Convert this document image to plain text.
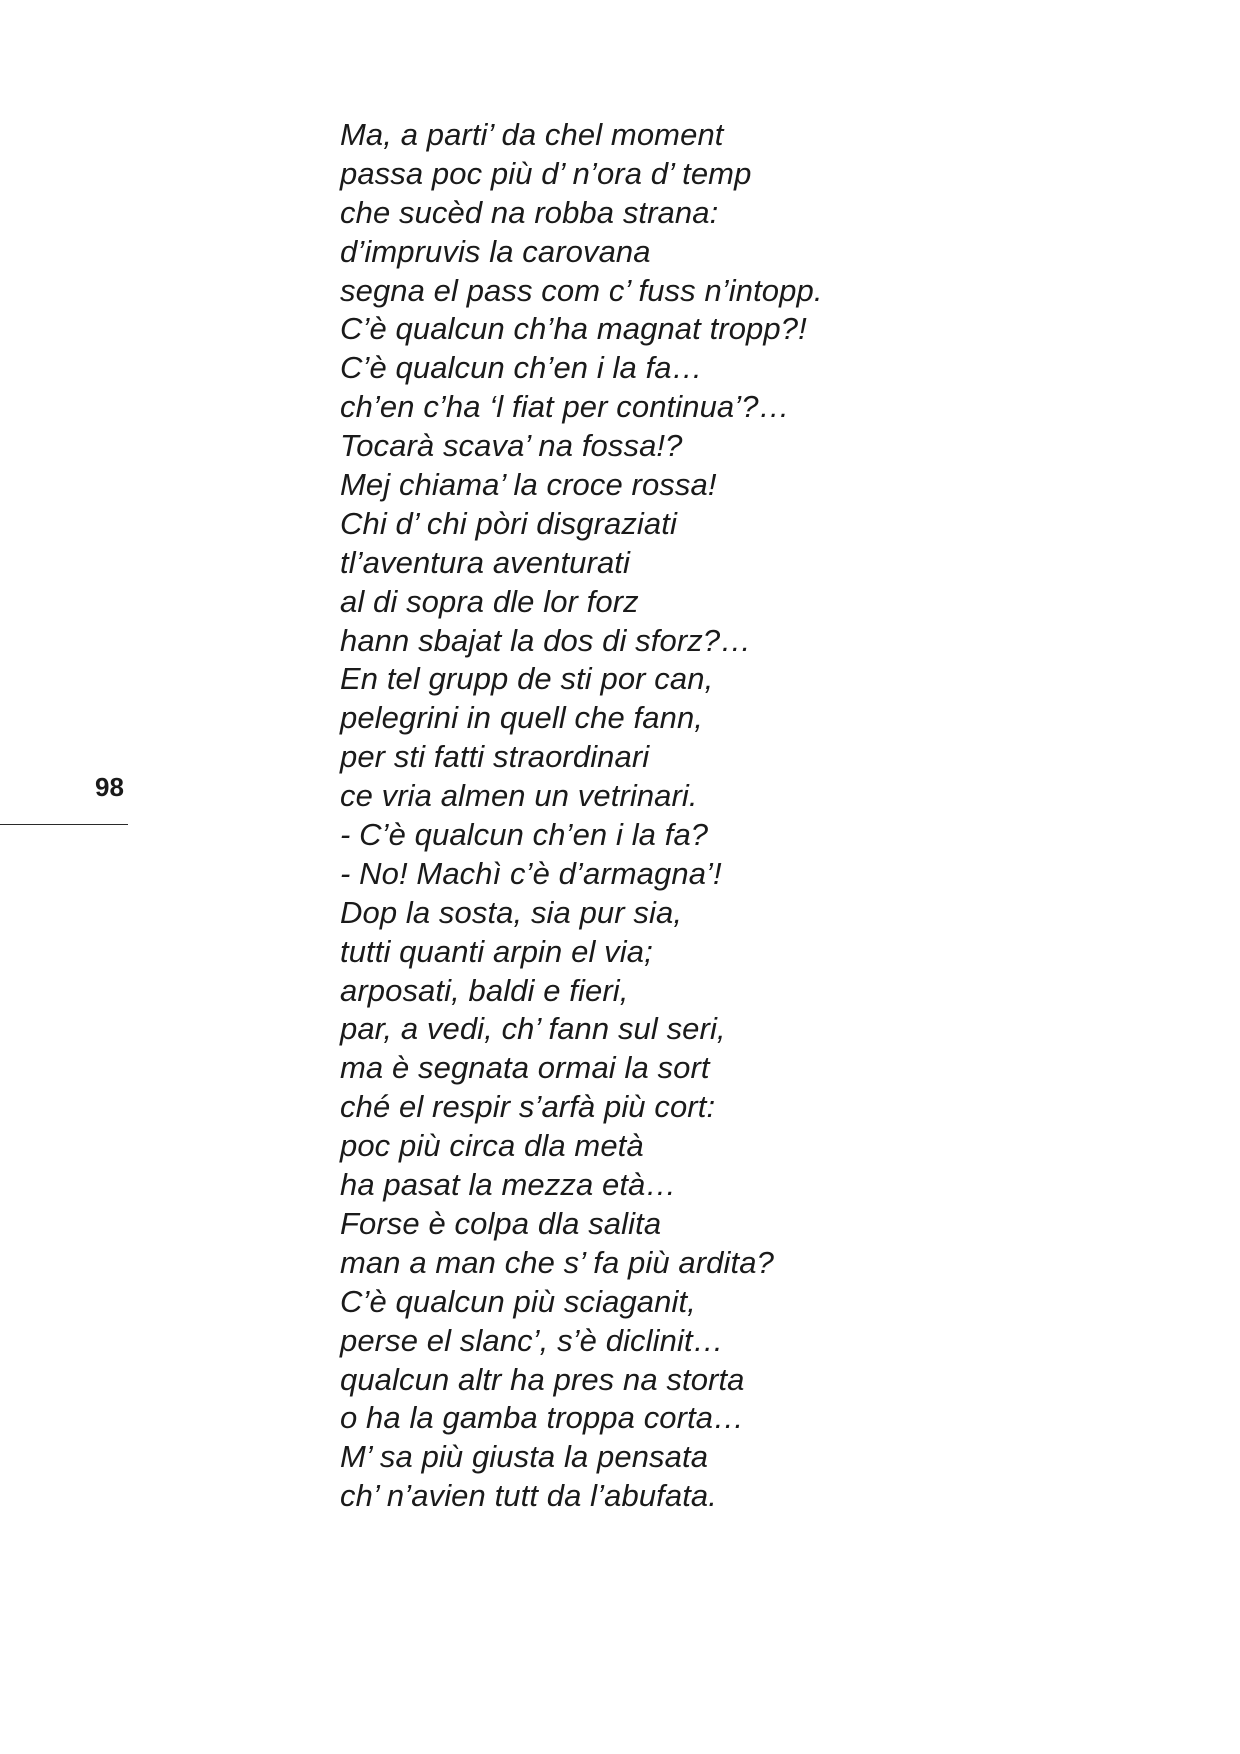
98
Ma, a parti’ da chel moment
passa poc più d’ n’ora d’ temp
che sucèd na robba strana:
d’impruvis la carovana
segna el pass com c’ fuss n’intopp.
C’è qualcun ch’ha magnat tropp?!
C’è qualcun ch’en i la fa…
ch’en c’ha ‘l fiat per continua’?…
Tocarà scava’ na fossa!?
Mej chiama’ la croce rossa!
Chi d’ chi pòri disgraziati
tl’aventura aventurati
al di sopra dle lor forz
hann sbajat la dos di sforz?…
En tel grupp de sti por can,
pelegrini in quell che fann,
per sti fatti straordinari
ce vria almen un vetrinari.
- C’è qualcun ch’en i la fa?
- No! Machì c’è d’armagna’!
Dop la sosta, sia pur sia,
tutti quanti arpin el via;
arposati, baldi e fieri,
par, a vedi, ch’ fann sul seri,
ma è segnata ormai la sort
ché el respir s’arfà più cort:
poc più circa dla metà
ha pasat la mezza età…
Forse è colpa dla salita
man a man che s’ fa più ardita?
C’è qualcun più sciaganit,
perse el slanc’, s’è diclinit…
qualcun altr ha pres na storta
o ha la gamba troppa corta…
M’ sa più giusta la pensata
ch’ n’avien tutt da l’abufata.
